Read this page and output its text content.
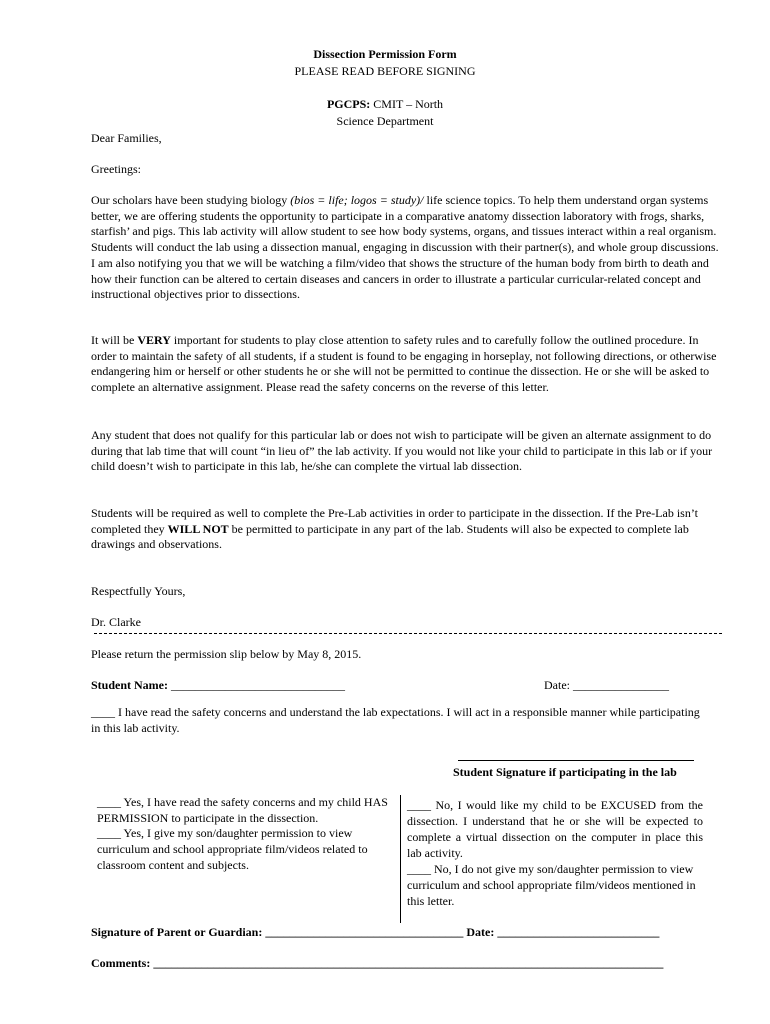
Dissection Permission Form
PLEASE READ BEFORE SIGNING
PGCPS: CMIT – North
Science Department
Dear Families,
Greetings:
Our scholars have been studying biology (bios = life; logos = study)/ life science topics. To help them understand organ systems better, we are offering students the opportunity to participate in a comparative anatomy dissection laboratory with frogs, sharks, starfish’ and pigs. This lab activity will allow student to see how body systems, organs, and tissues interact within a real organism. Students will conduct the lab using a dissection manual, engaging in discussion with their partner(s), and whole group discussions. I am also notifying you that we will be watching a film/video that shows the structure of the human body from birth to death and how their function can be altered to certain diseases and cancers in order to illustrate a particular curricular-related concept and instructional objectives prior to dissections.
It will be VERY important for students to play close attention to safety rules and to carefully follow the outlined procedure. In order to maintain the safety of all students, if a student is found to be engaging in horseplay, not following directions, or otherwise endangering him or herself or other students he or she will not be permitted to continue the dissection. He or she will be asked to complete an alternative assignment. Please read the safety concerns on the reverse of this letter.
Any student that does not qualify for this particular lab or does not wish to participate will be given an alternate assignment to do during that lab time that will count “in lieu of” the lab activity. If you would not like your child to participate in this lab or if your child doesn’t wish to participate in this lab, he/she can complete the virtual lab dissection.
Students will be required as well to complete the Pre-Lab activities in order to participate in the dissection. If the Pre-Lab isn’t completed they WILL NOT be permitted to participate in any part of the lab. Students will also be expected to complete lab drawings and observations.
Respectfully Yours,
Dr. Clarke
Please return the permission slip below by May 8, 2015.
Student Name: _____________________________	Date: ________________
____ I have read the safety concerns and understand the lab expectations. I will act in a responsible manner while participating in this lab activity.
Student Signature if participating in the lab
____ Yes, I have read the safety concerns and my child HAS PERMISSION to participate in the dissection.
____ Yes, I give my son/daughter permission to view curriculum and school appropriate film/videos related to classroom content and subjects.
____ No, I would like my child to be EXCUSED from the dissection. I understand that he or she will be expected to complete a virtual dissection on the computer in place this lab activity.
____ No, I do not give my son/daughter permission to view curriculum and school appropriate film/videos mentioned in this letter.
Signature of Parent or Guardian: _________________________________ Date: ___________________________
Comments: _____________________________________________________________________________________
